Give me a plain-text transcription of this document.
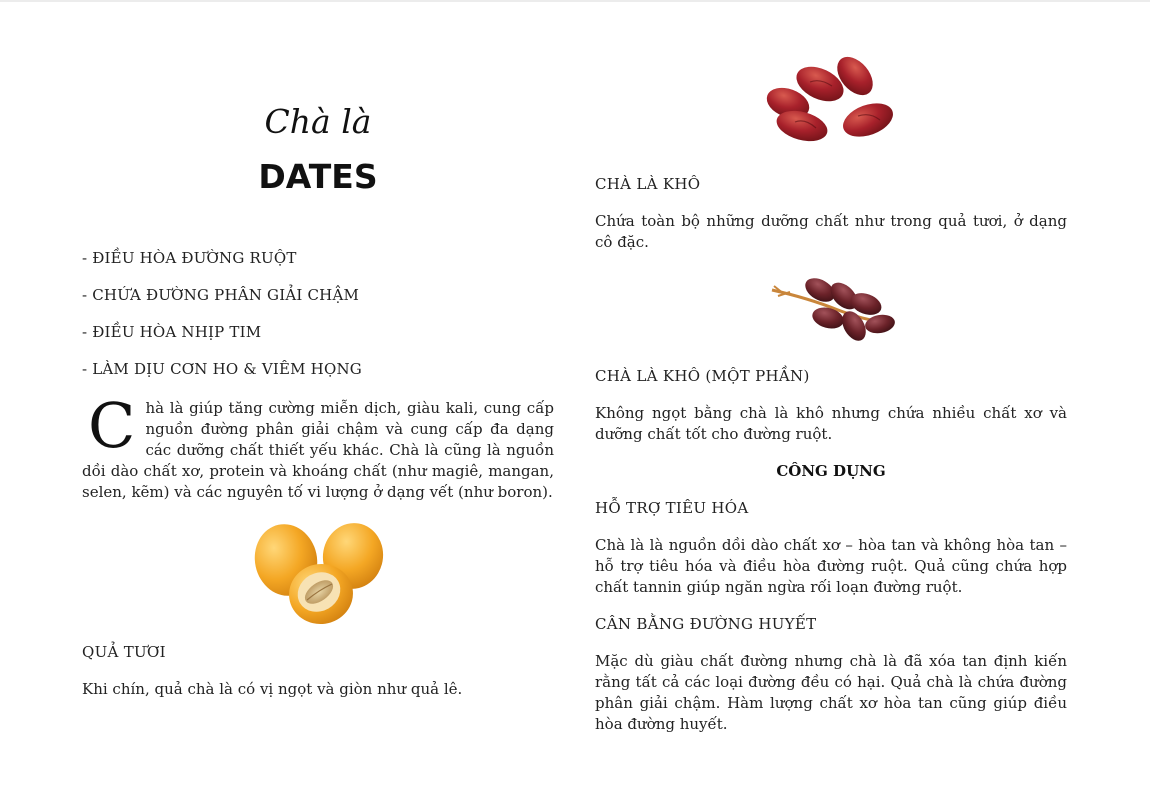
Chà là
DATES
- ĐIỀU HÒA ĐƯỜNG RUỘT
- CHỨA ĐƯỜNG PHÂN GIẢI CHẬM
- ĐIỀU HÒA NHỊP TIM
- LÀM DỊU CƠN HO & VIÊM HỌNG

Chà là giúp tăng cường miễn dịch, giàu kali, cung cấp nguồn đường phân giải chậm và cung cấp đa dạng các dưỡng chất thiết yếu khác. Chà là cũng là nguồn dồi dào chất xơ, protein và khoáng chất (như magiê, mangan, selen, kẽm) và các nguyên tố vi lượng ở dạng vết (như boron).

QUẢ TƯƠI

Khi chín, quả chà là có vị ngọt và giòn như quả lê.

CHÀ LÀ KHÔ

Chứa toàn bộ những dưỡng chất như trong quả tươi, ở dạng cô đặc.

CHÀ LÀ KHÔ (MỘT PHẦN)

Không ngọt bằng chà là khô nhưng chứa nhiều chất xơ và dưỡng chất tốt cho đường ruột.

CÔNG DỤNG

HỖ TRỢ TIÊU HÓA

Chà là là nguồn dồi dào chất xơ – hòa tan và không hòa tan – hỗ trợ tiêu hóa và điều hòa đường ruột. Quả cũng chứa hợp chất tannin giúp ngăn ngừa rối loạn đường ruột.

CÂN BẰNG ĐƯỜNG HUYẾT

Mặc dù giàu chất đường nhưng chà là đã xóa tan định kiến rằng tất cả các loại đường đều có hại. Quả chà là chứa đường phân giải chậm. Hàm lượng chất xơ hòa tan cũng giúp điều hòa đường huyết.
